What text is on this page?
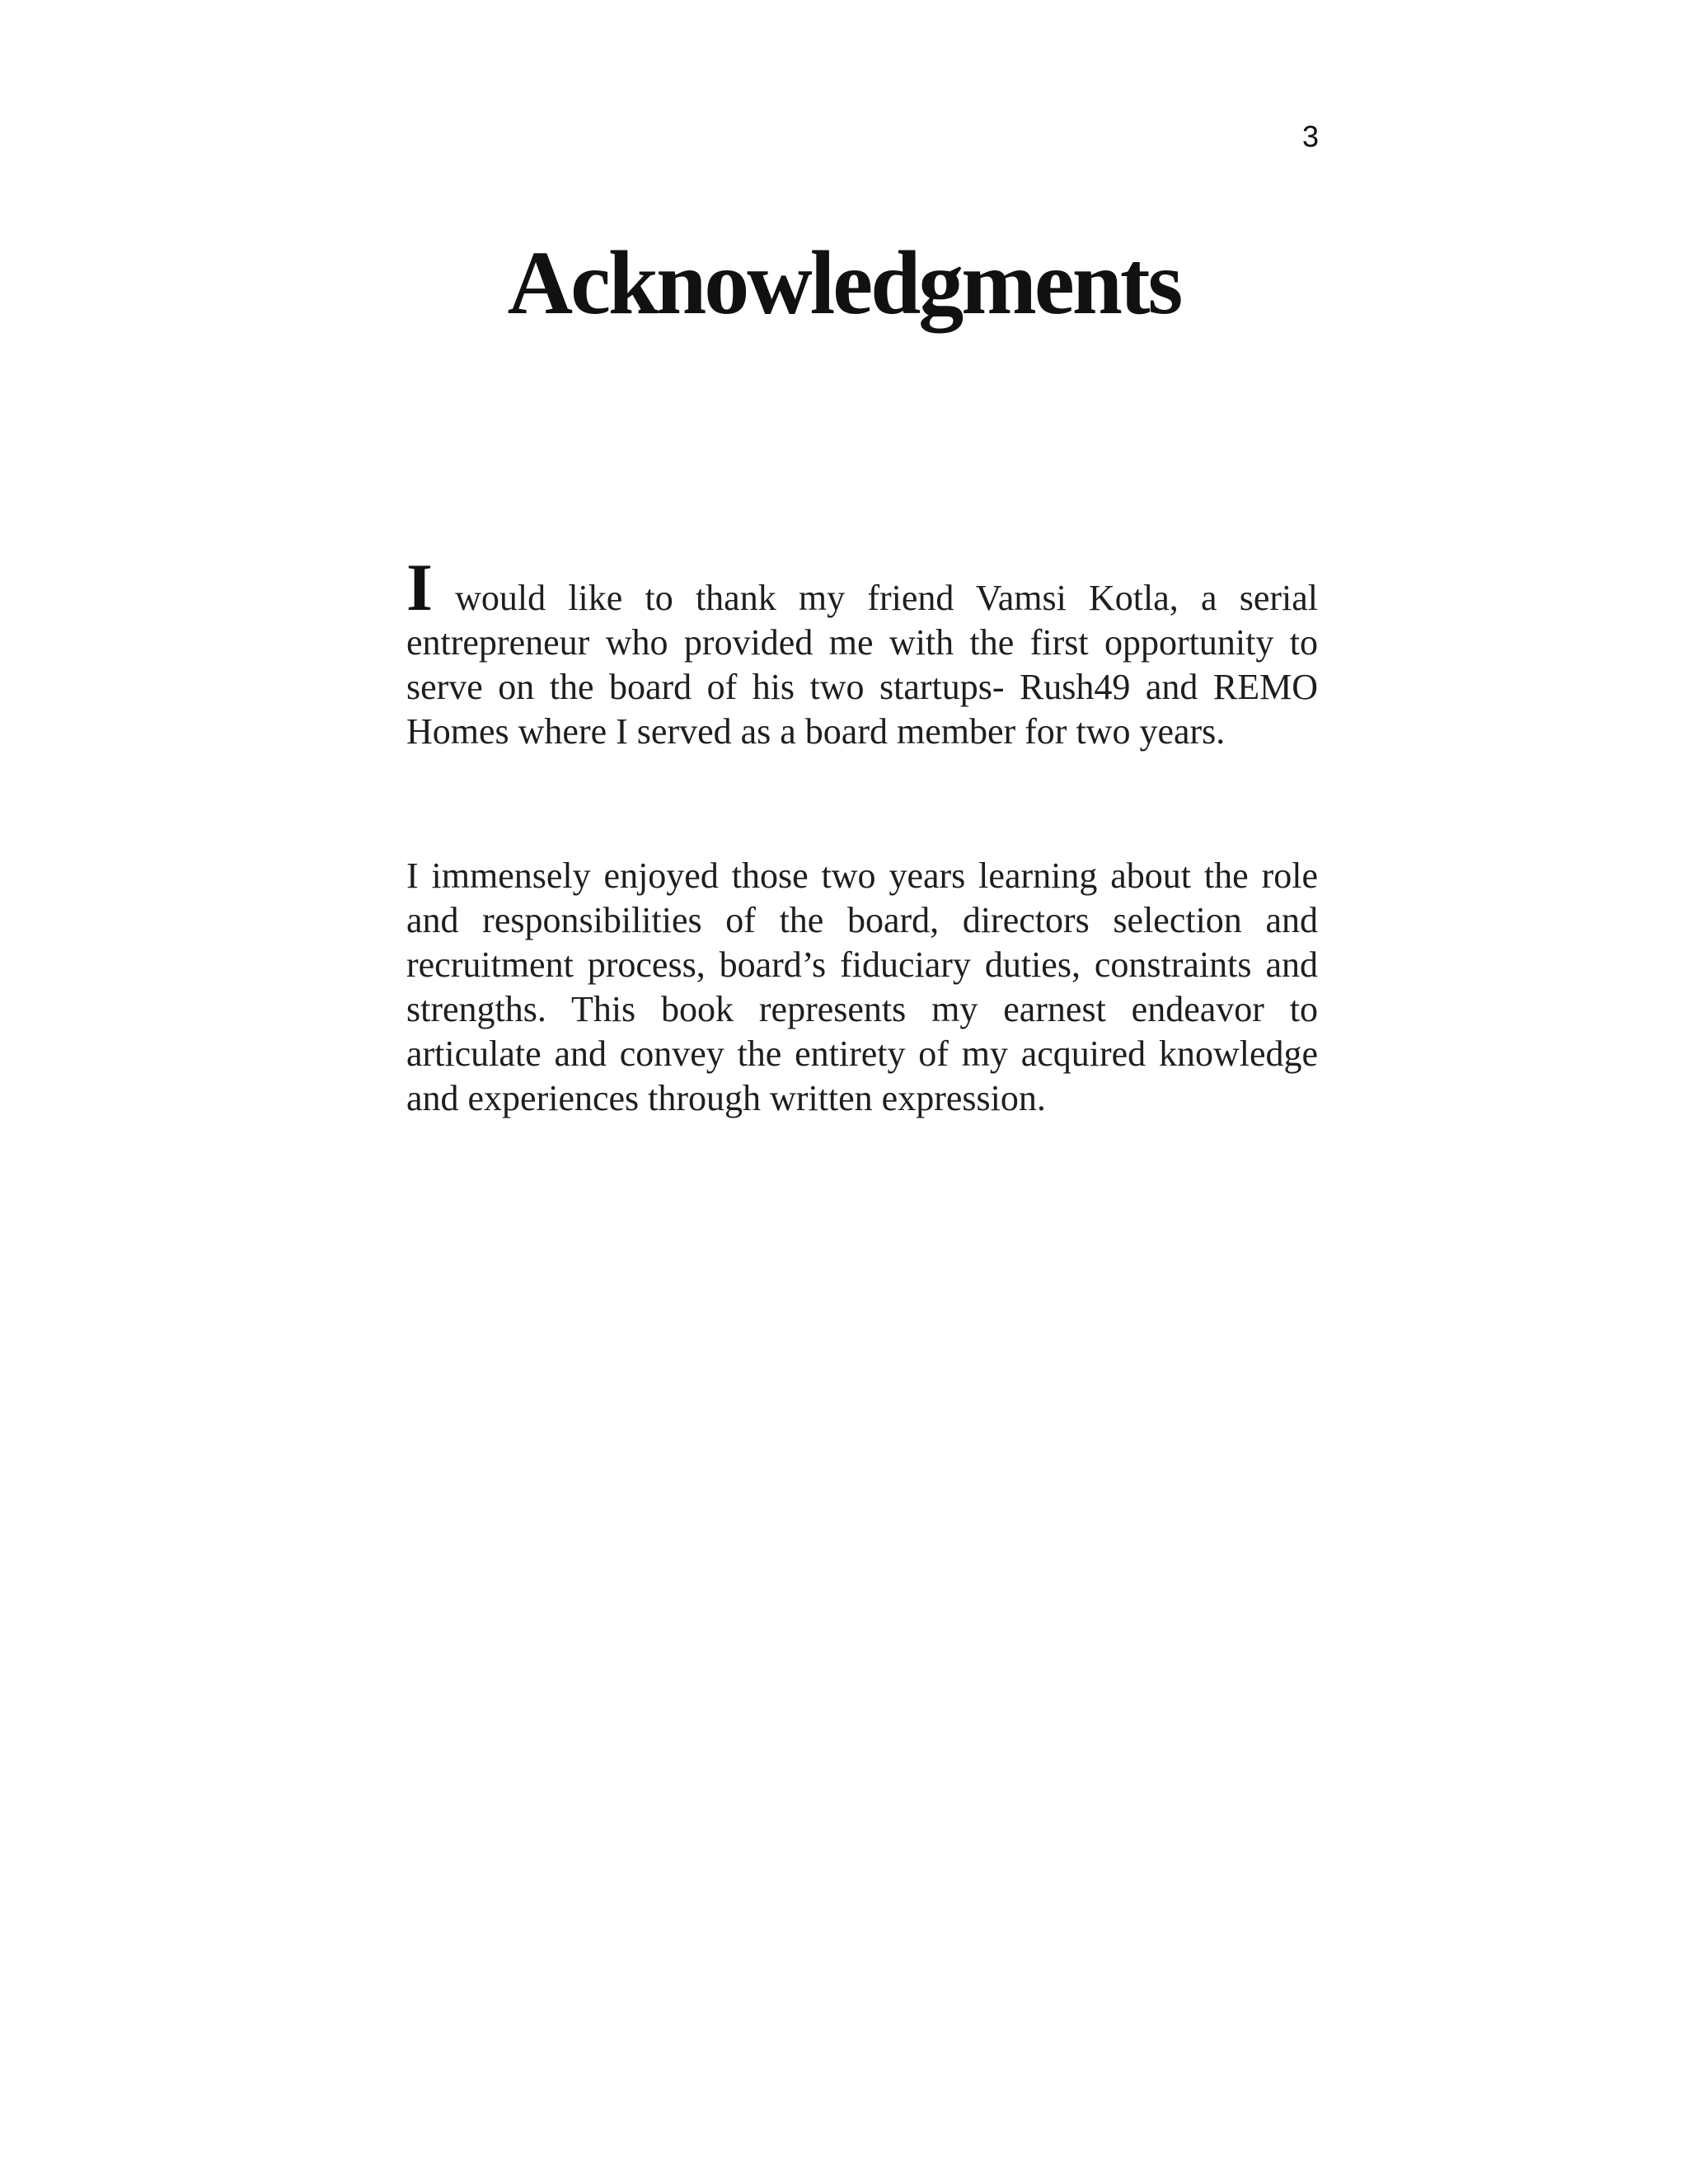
3
Acknowledgments

I would like to thank my friend Vamsi Kotla, a serial entrepreneur who provided me with the first opportunity to serve on the board of his two startups- Rush49 and REMO Homes where I served as a board member for two years.

I immensely enjoyed those two years learning about the role and responsibilities of the board, directors selection and recruitment process, board’s fiduciary duties, constraints and strengths. This book represents my earnest endeavor to articulate and convey the entirety of my acquired knowledge and experiences through written expression.
